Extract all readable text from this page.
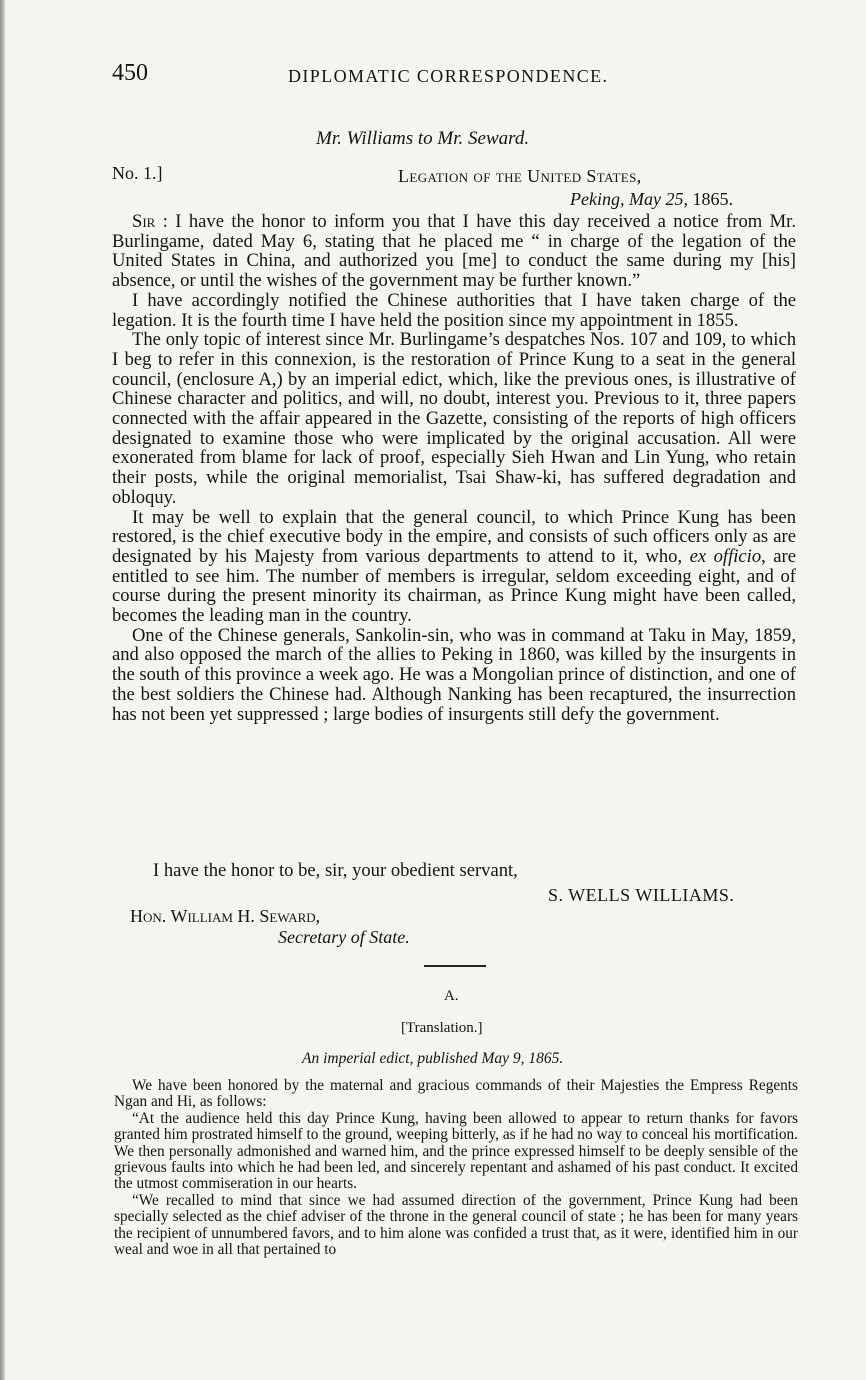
450	DIPLOMATIC CORRESPONDENCE.
Mr. Williams to Mr. Seward.
No. 1.]	Legation of the United States,
Peking, May 25, 1865.

Sir : I have the honor to inform you that I have this day received a notice from Mr. Burlingame, dated May 6, stating that he placed me “ in charge of the legation of the United States in China, and authorized you [me] to conduct the same during my [his] absence, or until the wishes of the government may be further known.”

I have accordingly notified the Chinese authorities that I have taken charge of the legation. It is the fourth time I have held the position since my appointment in 1855.

The only topic of interest since Mr. Burlingame’s despatches Nos. 107 and 109, to which I beg to refer in this connexion, is the restoration of Prince Kung to a seat in the general council, (enclosure A,) by an imperial edict, which, like the previous ones, is illustrative of Chinese character and politics, and will, no doubt, interest you. Previous to it, three papers connected with the affair appeared in the Gazette, consisting of the reports of high officers designated to examine those who were implicated by the original accusation. All were exonerated from blame for lack of proof, especially Sieh Hwan and Lin Yung, who retain their posts, while the original memorialist, Tsai Shaw-ki, has suffered degradation and obloquy.

It may be well to explain that the general council, to which Prince Kung has been restored, is the chief executive body in the empire, and consists of such officers only as are designated by his Majesty from various departments to attend to it, who, ex officio, are entitled to see him. The number of members is irregular, seldom exceeding eight, and of course during the present minority its chairman, as Prince Kung might have been called, becomes the leading man in the country.

One of the Chinese generals, Sankolin-sin, who was in command at Taku in May, 1859, and also opposed the march of the allies to Peking in 1860, was killed by the insurgents in the south of this province a week ago. He was a Mongolian prince of distinction, and one of the best soldiers the Chinese had. Although Nanking has been recaptured, the insurrection has not been yet suppressed ; large bodies of insurgents still defy the government.

I have the honor to be, sir, your obedient servant,
S. WELLS WILLIAMS.
Hon. William H. Seward,
Secretary of State.
A.
[Translation.]
An imperial edict, published May 9, 1865.

We have been honored by the maternal and gracious commands of their Majesties the Empress Regents Ngan and Hi, as follows:

“At the audience held this day Prince Kung, having been allowed to appear to return thanks for favors granted him prostrated himself to the ground, weeping bitterly, as if he had no way to conceal his mortification. We then personally admonished and warned him, and the prince expressed himself to be deeply sensible of the grievous faults into which he had been led, and sincerely repentant and ashamed of his past conduct. It excited the utmost commiseration in our hearts.

“We recalled to mind that since we had assumed direction of the government, Prince Kung had been specially selected as the chief adviser of the throne in the general council of state ; he has been for many years the recipient of unnumbered favors, and to him alone was confided a trust that, as it were, identified him in our weal and woe in all that pertained to
